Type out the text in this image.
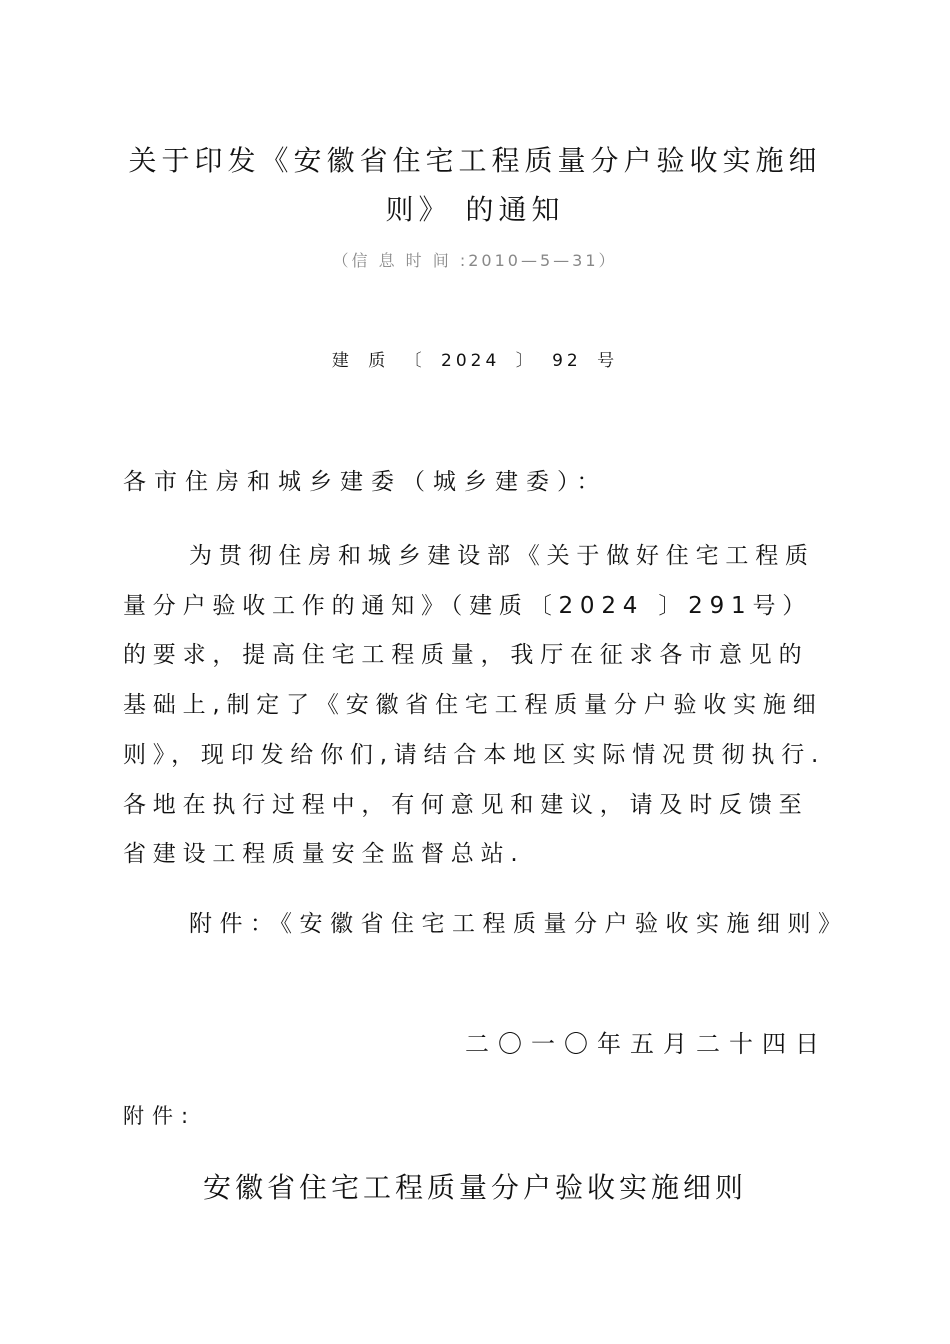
关于印发《安徽省住宅工程质量分户验收实施细
则》 的通知
（信 息 时 间 :2010—5—31）
建 质 〔 2024 〕 92 号
各市住房和城乡建委（城乡建委）：

为贯彻住房和城乡建设部《关于做好住宅工程质量分户验收工作的通知》（建质〔2024 〕291号）的要求，提高住宅工程质量，我厅在征求各市意见的基础上,制定了《安徽省住宅工程质量分户验收实施细则》，现印发给你们,请结合本地区实际情况贯彻执行.各地在执行过程中，有何意见和建议，请及时反馈至省建设工程质量安全监督总站.

附件：《安徽省住宅工程质量分户验收实施细则》

二〇一〇年五月二十四日
附件:
安徽省住宅工程质量分户验收实施细则
